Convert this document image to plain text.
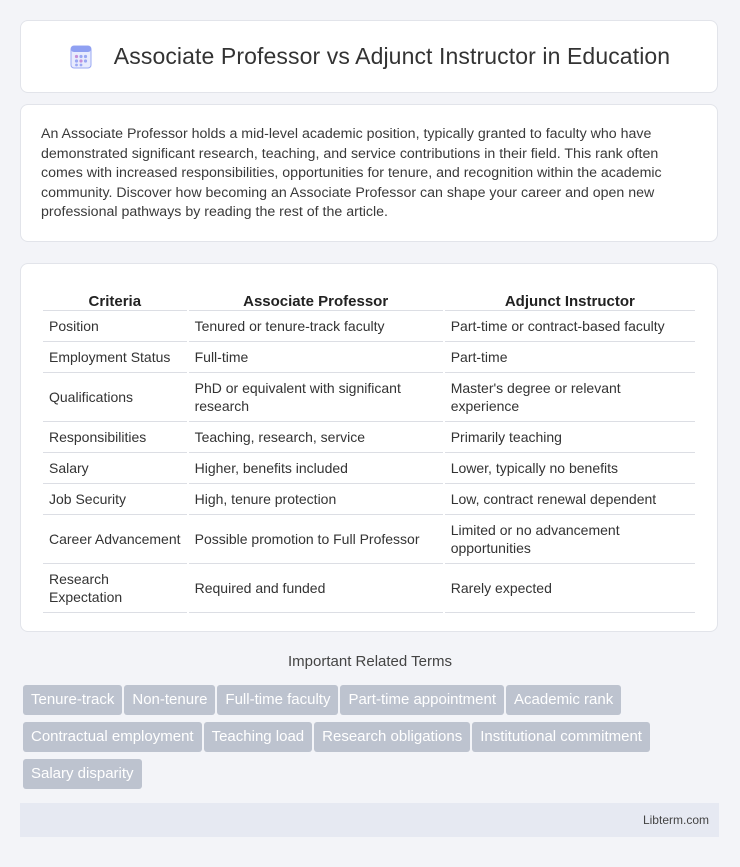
Associate Professor vs Adjunct Instructor in Education

An Associate Professor holds a mid-level academic position, typically granted to faculty who have demonstrated significant research, teaching, and service contributions in their field. This rank often comes with increased responsibilities, opportunities for tenure, and recognition within the academic community. Discover how becoming an Associate Professor can shape your career and open new professional pathways by reading the rest of the article.

Criteria	Associate Professor	Adjunct Instructor
Position	Tenured or tenure-track faculty	Part-time or contract-based faculty
Employment Status	Full-time	Part-time
Qualifications	PhD or equivalent with significant research	Master's degree or relevant experience
Responsibilities	Teaching, research, service	Primarily teaching
Salary	Higher, benefits included	Lower, typically no benefits
Job Security	High, tenure protection	Low, contract renewal dependent
Career Advancement	Possible promotion to Full Professor	Limited or no advancement opportunities
Research Expectation	Required and funded	Rarely expected
Important Related Terms
Tenure-track Non-tenure Full-time faculty Part-time appointment Academic rankContractual employment Teaching load Research obligations Institutional commitmentSalary disparity
Libterm.com
